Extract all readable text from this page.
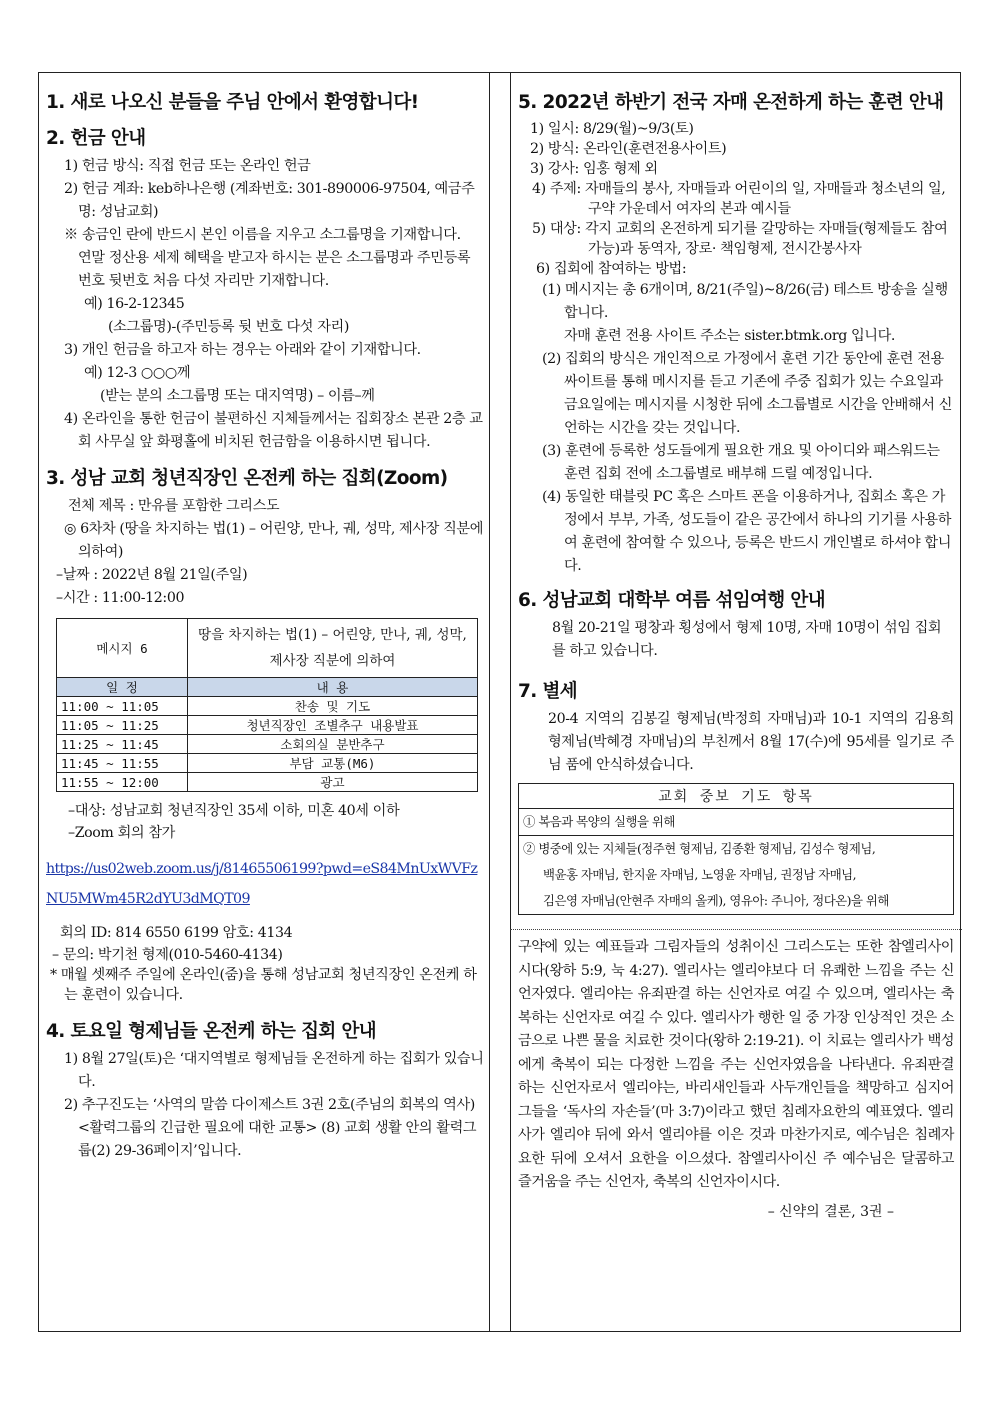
1. 새로 나오신 분들을 주님 안에서 환영합니다!
2. 헌금 안내

1) 헌금 방식: 직접 헌금 또는 온라인 헌금

2) 헌금 계좌: keb하나은행 (계좌번호: 301-890006-97504, 예금주명: 성남교회)

※ 송금인 란에 반드시 본인 이름을 지우고 소그룹명을 기재합니다.

연말 정산용 세제 혜택을 받고자 하시는 분은 소그룹명과 주민등록 번호 뒷번호 처음 다섯 자리만 기재합니다.

예) 16-2-12345

(소그룹명)-(주민등록 뒷 번호 다섯 자리)

3) 개인 헌금을 하고자 하는 경우는 아래와 같이 기재합니다.

예) 12-3 ○○○께

(받는 분의 소그룹명 또는 대지역명) – 이름–께

4) 온라인을 통한 헌금이 불편하신 지체들께서는 집회장소 본관 2층 교회 사무실 앞 화평홀에 비치된 헌금함을 이용하시면 됩니다.

3. 성남 교회 청년직장인 온전케 하는 집회(Zoom)

전체 제목 : 만유를 포함한 그리스도

◎ 6차차 (땅을 차지하는 법(1) – 어린양, 만나, 궤, 성막, 제사장 직분에 의하여)

–날짜 : 2022년 8월 21일(주일)

–시간 : 11:00-12:00

메시지 6	땅을 차지하는 법(1) – 어린양, 만나, 궤, 성막, 제사장 직분에 의하여
일 정	내 용
11:00 ~ 11:05	찬송 및 기도
11:05 ~ 11:25	청년직장인 조별추구 내용발표
11:25 ~ 11:45	소회의실 분반추구
11:45 ~ 11:55	부담 교통(M6)
11:55 ~ 12:00	광고

–대상: 성남교회 청년직장인 35세 이하, 미혼 40세 이하

–Zoom 회의 참가

https://us02web.zoom.us/j/81465506199?pwd=eS84MnUxWVFzNU5MWm45R2dYU3dMQT09

회의 ID: 814 6550 6199 암호: 4134

– 문의: 박기천 형제(010-5460-4134)

* 매월 셋째주 주일에 온라인(줌)을 통해 성남교회 청년직장인 온전케 하는 훈련이 있습니다.

4. 토요일 형제님들 온전케 하는 집회 안내

1) 8월 27일(토)은 ‘대지역별로 형제님들 온전하게 하는 집회가 있습니다.

2) 추구진도는 ‘사역의 말씀 다이제스트 3권 2호(주님의 회복의 역사) <활력그룹의 긴급한 필요에 대한 교통> (8) 교회 생활 안의 활력그룹(2) 29-36페이지’입니다.

5. 2022년 하반기 전국 자매 온전하게 하는 훈련 안내

1) 일시: 8/29(월)~9/3(토)

2) 방식: 온라인(훈련전용사이트)

3) 강사: 임홍 형제 외

4) 주제: 자매들의 봉사, 자매들과 어린이의 일, 자매들과 청소년의 일, 구약 가운데서 여자의 본과 예시들

5) 대상: 각지 교회의 온전하게 되기를 갈망하는 자매들(형제들도 참여 가능)과 동역자, 장로· 책임형제, 전시간봉사자

6) 집회에 참여하는 방법:

(1) 메시지는 총 6개이며, 8/21(주일)~8/26(금) 테스트 방송을 실행합니다.

자매 훈련 전용 사이트 주소는 sister.btmk.org 입니다.

(2) 집회의 방식은 개인적으로 가정에서 훈련 기간 동안에 훈련 전용 싸이트를 통해 메시지를 듣고 기존에 주중 집회가 있는 수요일과 금요일에는 메시지를 시청한 뒤에 소그룹별로 시간을 안배해서 신언하는 시간을 갖는 것입니다.

(3) 훈련에 등록한 성도들에게 필요한 개요 및 아이디와 패스워드는 훈련 집회 전에 소그룹별로 배부해 드릴 예정입니다.

(4) 동일한 태블릿 PC 혹은 스마트 폰을 이용하거나, 집회소 혹은 가정에서 부부, 가족, 성도들이 같은 공간에서 하나의 기기를 사용하여 훈련에 참여할 수 있으나, 등록은 반드시 개인별로 하셔야 합니다.

6. 성남교회 대학부 여름 섞임여행 안내

8월 20-21일 평창과 횡성에서 형제 10명, 자매 10명이 섞임 집회를 하고 있습니다.

7. 별세

20-4 지역의 김봉길 형제님(박정희 자매님)과 10-1 지역의 김용희 형제님(박혜경 자매님)의 부친께서 8월 17(수)에 95세를 일기로 주님 품에 안식하셨습니다.

교회 중보 기도 항목
① 복음과 목양의 실행을 위해
② 병중에 있는 지체들(정주현 형제님, 김종환 형제님, 김성수 형제님,
백윤홍 자매님, 한지윤 자매님, 노영윤 자매님, 권정남 자매님,
김은영 자매님(안현주 자매의 올케), 영유아: 주니아, 정다온)을 위해

구약에 있는 예표들과 그림자들의 성취이신 그리스도는 또한 참엘리사이시다(왕하 5:9, 눅 4:27). 엘리사는 엘리야보다 더 유쾌한 느낌을 주는 신언자였다. 엘리야는 유죄판결 하는 신언자로 여길 수 있으며, 엘리사는 축복하는 신언자로 여길 수 있다. 엘리사가 행한 일 중 가장 인상적인 것은 소금으로 나쁜 물을 치료한 것이다(왕하 2:19-21). 이 치료는 엘리사가 백성에게 축복이 되는 다정한 느낌을 주는 신언자였음을 나타낸다. 유죄판결 하는 신언자로서 엘리야는, 바리새인들과 사두개인들을 책망하고 심지어 그들을 ‘독사의 자손들’(마 3:7)이라고 했던 침례자요한의 예표였다. 엘리사가 엘리야 뒤에 와서 엘리야를 이은 것과 마찬가지로, 예수님은 침례자 요한 뒤에 오셔서 요한을 이으셨다. 참엘리사이신 주 예수님은 달콤하고 즐거움을 주는 신언자, 축복의 신언자이시다.

– 신약의 결론, 3권 –
